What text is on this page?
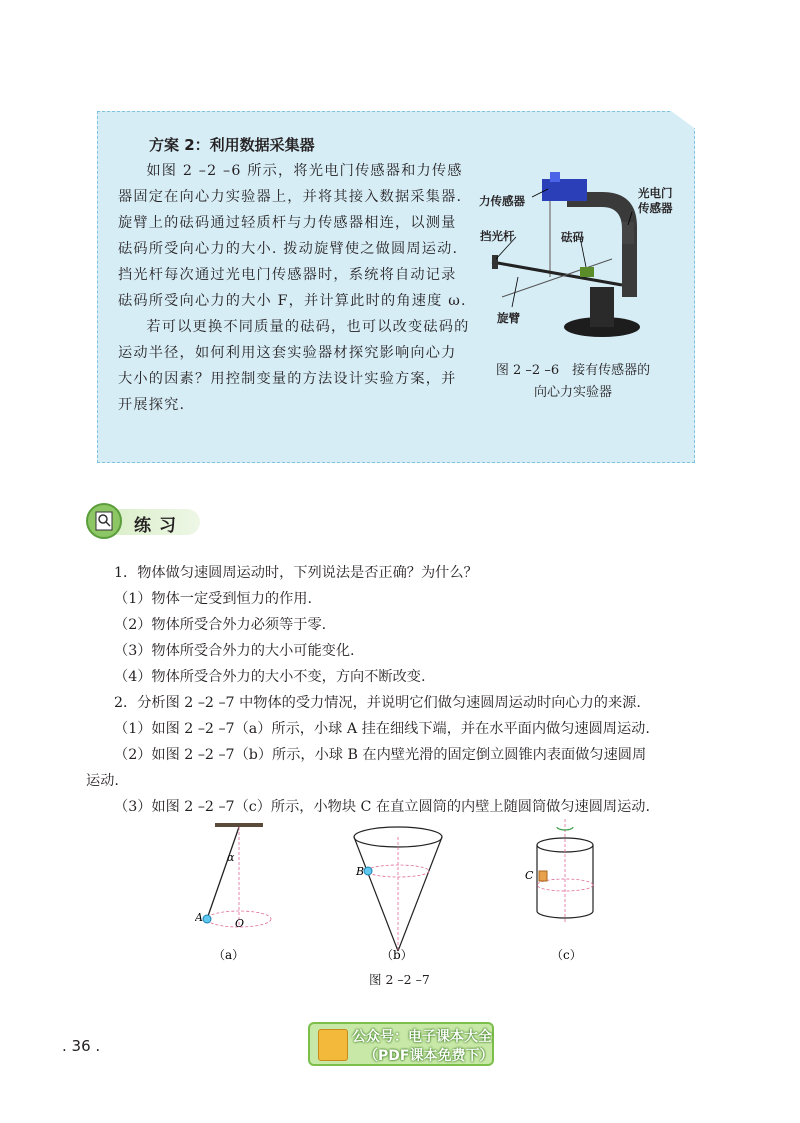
方案 2：利用数据采集器

如图 2 –2 –6 所示，将光电门传感器和力传感器固定在向心力实验器上，并将其接入数据采集器. 旋臂上的砝码通过轻质杆与力传感器相连，以测量砝码所受向心力的大小. 拨动旋臂使之做圆周运动. 挡光杆每次通过光电门传感器时，系统将自动记录砝码所受向心力的大小 F，并计算此时的角速度 ω.

若可以更换不同质量的砝码，也可以改变砝码的运动半径，如何利用这套实验器材探究影响向心力大小的因素？用控制变量的方法设计实验方案，并开展探究.

力传感器
光电门
传感器
挡光杆	砝码
旋臂
图 2 –2 –6　接有传感器的
向心力实验器
练习

1．物体做匀速圆周运动时，下列说法是否正确？为什么？

（1）物体一定受到恒力的作用.

（2）物体所受合外力必须等于零.

（3）物体所受合外力的大小可能变化.

（4）物体所受合外力的大小不变，方向不断改变.

2．分析图 2 –2 –7 中物体的受力情况，并说明它们做匀速圆周运动时向心力的来源.

（1）如图 2 –2 –7（a）所示，小球 A 挂在细线下端，并在水平面内做匀速圆周运动.

（2）如图 2 –2 –7（b）所示，小球 B 在内壁光滑的固定倒立圆锥内表面做匀速圆周

运动.

（3）如图 2 –2 –7（c）所示，小物块 C 在直立圆筒的内壁上随圆筒做匀速圆周运动.

α
A	O
B	C
（a）	（b）	（c）
图 2 –2 –7
. 36 .	公众号：电子课本大全
（PDF课本免费下）
